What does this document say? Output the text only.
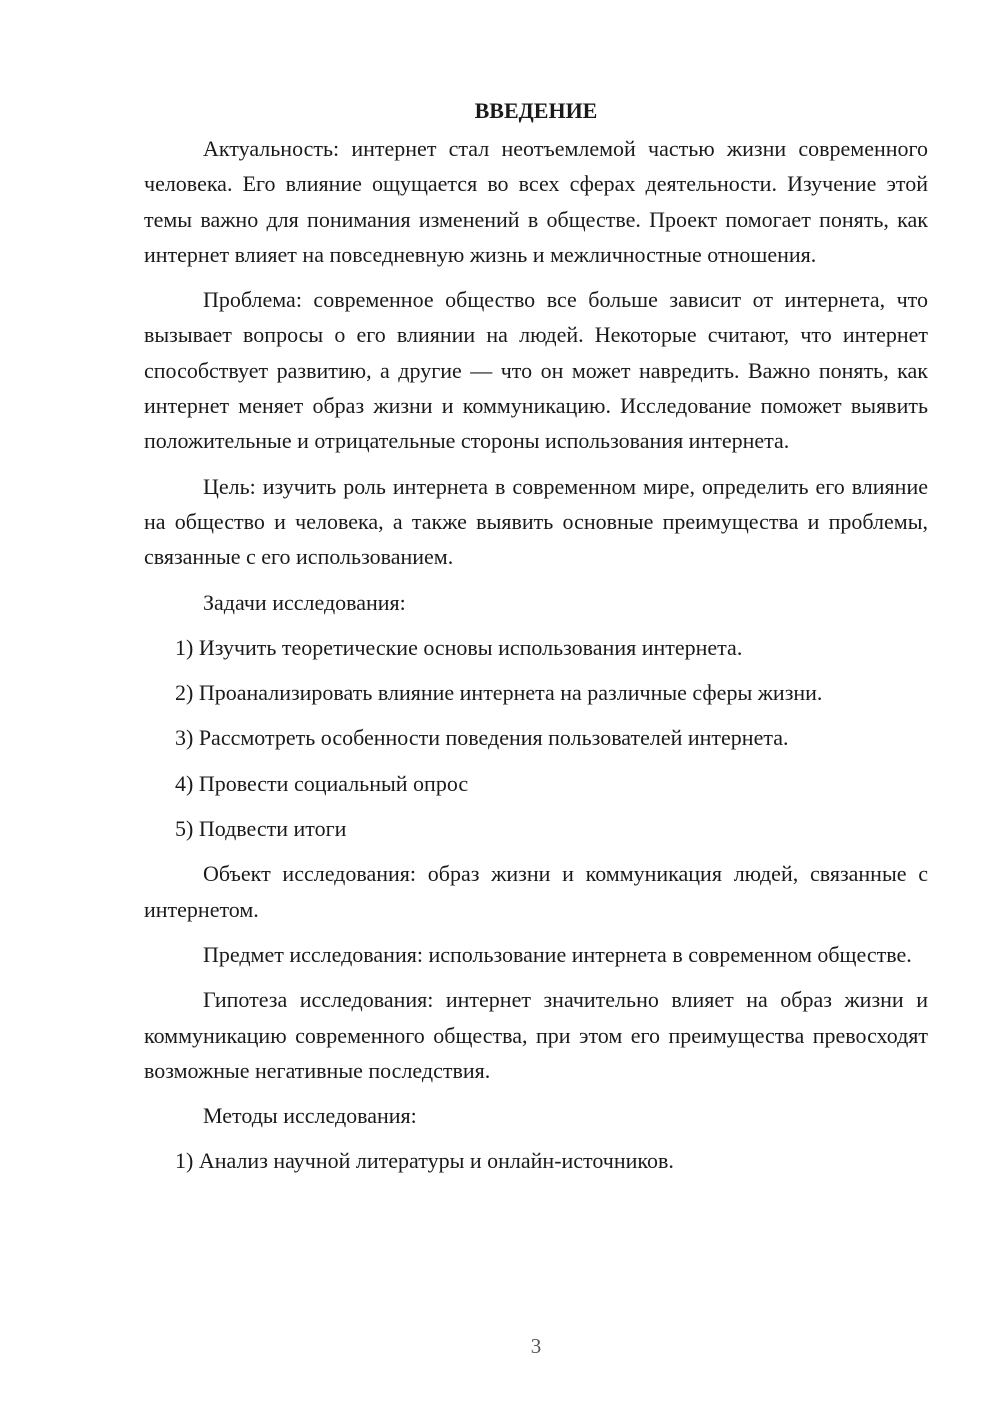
ВВЕДЕНИЕ

Актуальность: интернет стал неотъемлемой частью жизни современного человека. Его влияние ощущается во всех сферах деятельности. Изучение этой темы важно для понимания изменений в обществе. Проект помогает понять, как интернет влияет на повседневную жизнь и межличностные отношения.

Проблема: современное общество все больше зависит от интернета, что вызывает вопросы о его влиянии на людей. Некоторые считают, что интернет способствует развитию, а другие — что он может навредить. Важно понять, как интернет меняет образ жизни и коммуникацию. Исследование поможет выявить положительные и отрицательные стороны использования интернета.

Цель: изучить роль интернета в современном мире, определить его влияние на общество и человека, а также выявить основные преимущества и проблемы, связанные с его использованием.

Задачи исследования:

1) Изучить теоретические основы использования интернета.
2) Проанализировать влияние интернета на различные сферы жизни.
3) Рассмотреть особенности поведения пользователей интернета.
4) Провести социальный опрос
5) Подвести итоги

Объект исследования: образ жизни и коммуникация людей, связанные с интернетом.

Предмет исследования: использование интернета в современном обществе.

Гипотеза исследования: интернет значительно влияет на образ жизни и коммуникацию современного общества, при этом его преимущества превосходят возможные негативные последствия.

Методы исследования:

1) Анализ научной литературы и онлайн-источников.
3
